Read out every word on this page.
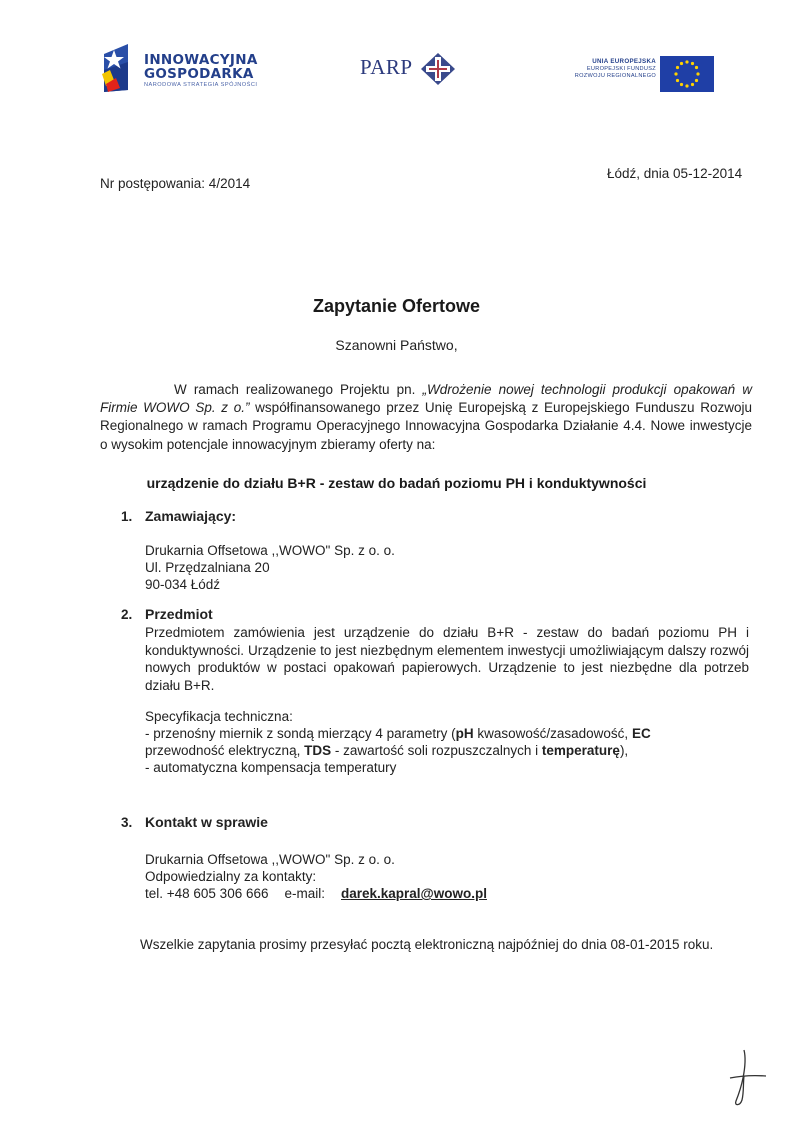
INNOWACYJNA
GOSPODARKA
NARODOWA STRATEGIA SPÓJNOŚCI
PARP	UNIA EUROPEJSKA
EUROPEJSKI FUNDUSZ
ROZWOJU REGIONALNEGO
Nr postępowania: 4/2014
Łódź, dnia 05-12-2014
Zapytanie Ofertowe
Szanowni Państwo,
W ramach realizowanego Projektu pn. „Wdrożenie nowej technologii produkcji opakowań w Firmie WOWO Sp. z o.” współfinansowanego przez Unię Europejską z Europejskiego Funduszu Rozwoju Regionalnego w ramach Programu Operacyjnego Innowacyjna Gospodarka Działanie 4.4. Nowe inwestycje o wysokim potencjale innowacyjnym zbieramy oferty na:
urządzenie do działu B+R - zestaw do badań poziomu PH i konduktywności
1. Zamawiający:
Drukarnia Offsetowa ,,WOWO" Sp. z o. o.
Ul. Przędzalniana 20
90-034 Łódź
2. Przedmiot
Przedmiotem zamówienia jest urządzenie do działu B+R - zestaw do badań poziomu PH i konduktywności. Urządzenie to jest niezbędnym elementem inwestycji umożliwiającym dalszy rozwój nowych produktów w postaci opakowań papierowych. Urządzenie to jest niezbędne dla potrzeb działu B+R.
Specyfikacja techniczna:
- przenośny miernik z sondą mierzący 4 parametry (pH kwasowość/zasadowość, EC
przewodność elektryczną, TDS - zawartość soli rozpuszczalnych i temperaturę),
- automatyczna kompensacja temperatury
3. Kontakt w sprawie
Drukarnia Offsetowa ,,WOWO" Sp. z o. o.
Odpowiedzialny za kontakty:
tel. +48 605 306 666 e-mail: darek.kapral@wowo.pl
Wszelkie zapytania prosimy przesyłać pocztą elektroniczną najpóźniej do dnia 08-01-2015 roku.
